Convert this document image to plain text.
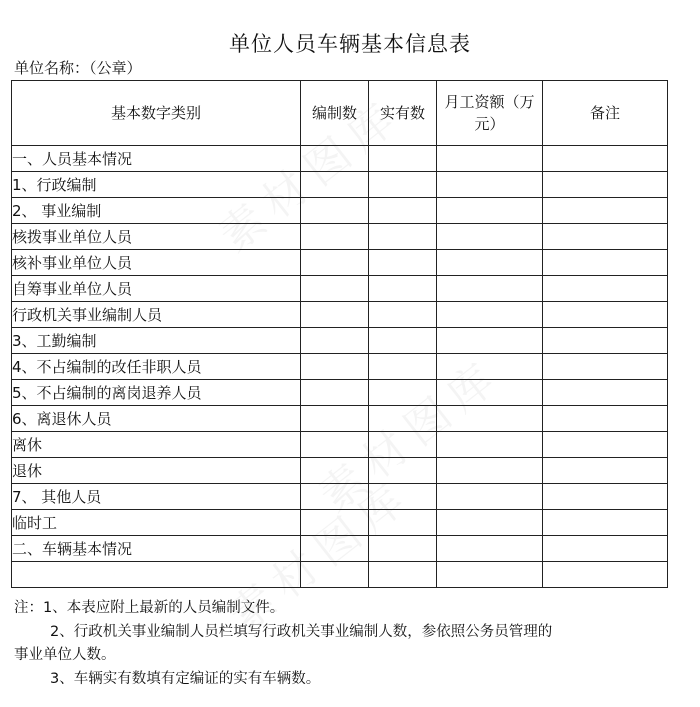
单位人员车辆基本信息表
单位名称：（公章）
基本数字类别	编制数	实有数	月工资额（万元）	备注
一、人员基本情况				
1、行政编制				
2、 事业编制				
核拨事业单位人员				
核补事业单位人员				
自筹事业单位人员				
行政机关事业编制人员				
3、工勤编制				
4、不占编制的改任非职人员				
5、不占编制的离岗退养人员				
6、离退休人员				
离休				
退休				
7、 其他人员				
临时工				
二、车辆基本情况				

注：1、本表应附上最新的人员编制文件。

2、行政机关事业编制人员栏填写行政机关事业编制人数，参依照公务员管理的

事业单位人数。

3、车辆实有数填有定编证的实有车辆数。
